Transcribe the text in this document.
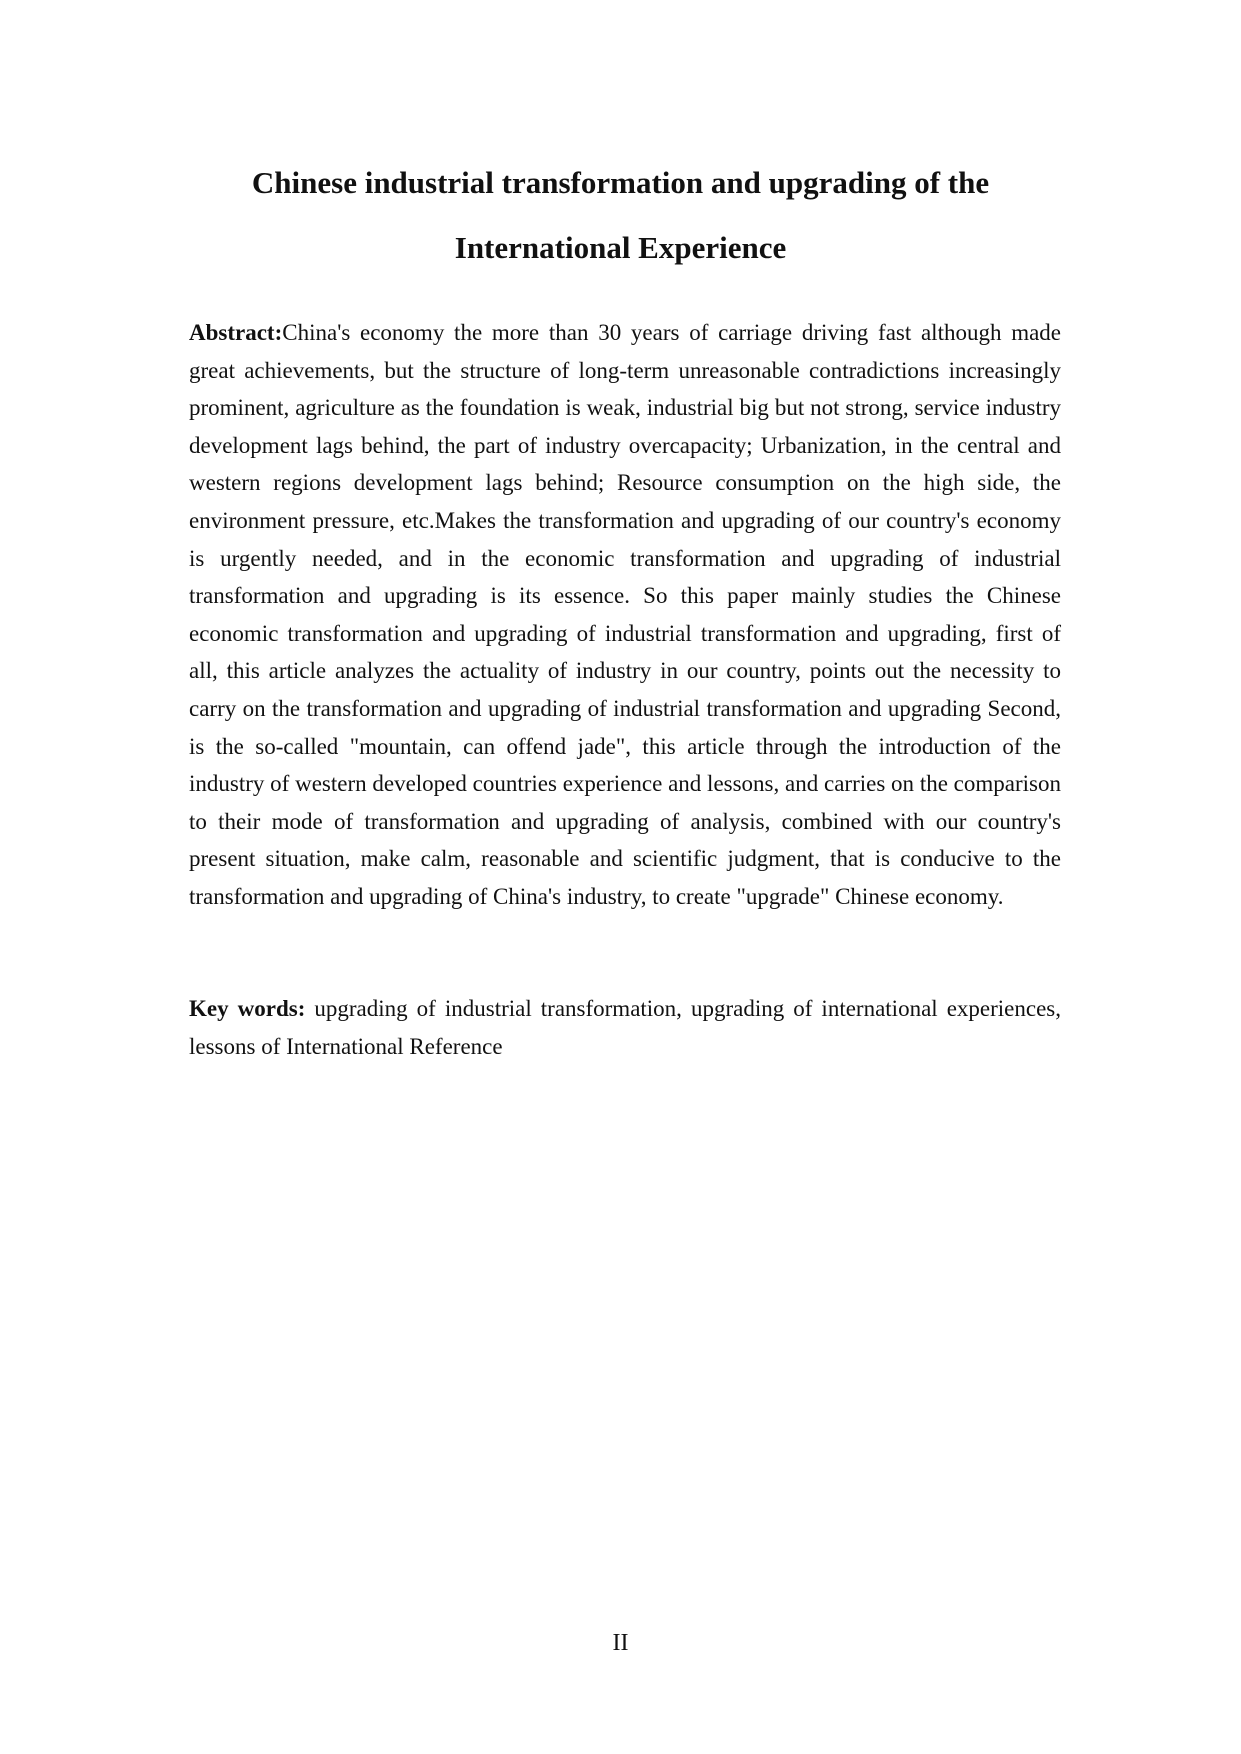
Chinese industrial transformation and upgrading of the
International Experience

Abstract:China's economy the more than 30 years of carriage driving fast although made great achievements, but the structure of long-term unreasonable contradictions increasingly prominent, agriculture as the foundation is weak, industrial big but not strong, service industry development lags behind, the part of industry overcapacity; Urbanization, in the central and western regions development lags behind; Resource consumption on the high side, the environment pressure, etc.Makes the transformation and upgrading of our country's economy is urgently needed, and in the economic transformation and upgrading of industrial transformation and upgrading is its essence. So this paper mainly studies the Chinese economic transformation and upgrading of industrial transformation and upgrading, first of all, this article analyzes the actuality of industry in our country, points out the necessity to carry on the transformation and upgrading of industrial transformation and upgrading Second, is the so-called "mountain, can offend jade", this article through the introduction of the industry of western developed countries experience and lessons, and carries on the comparison to their mode of transformation and upgrading of analysis, combined with our country's present situation, make calm, reasonable and scientific judgment, that is conducive to the transformation and upgrading of China's industry, to create "upgrade" Chinese economy.

Key words: upgrading of industrial transformation, upgrading of international experiences, lessons of International Reference

II
